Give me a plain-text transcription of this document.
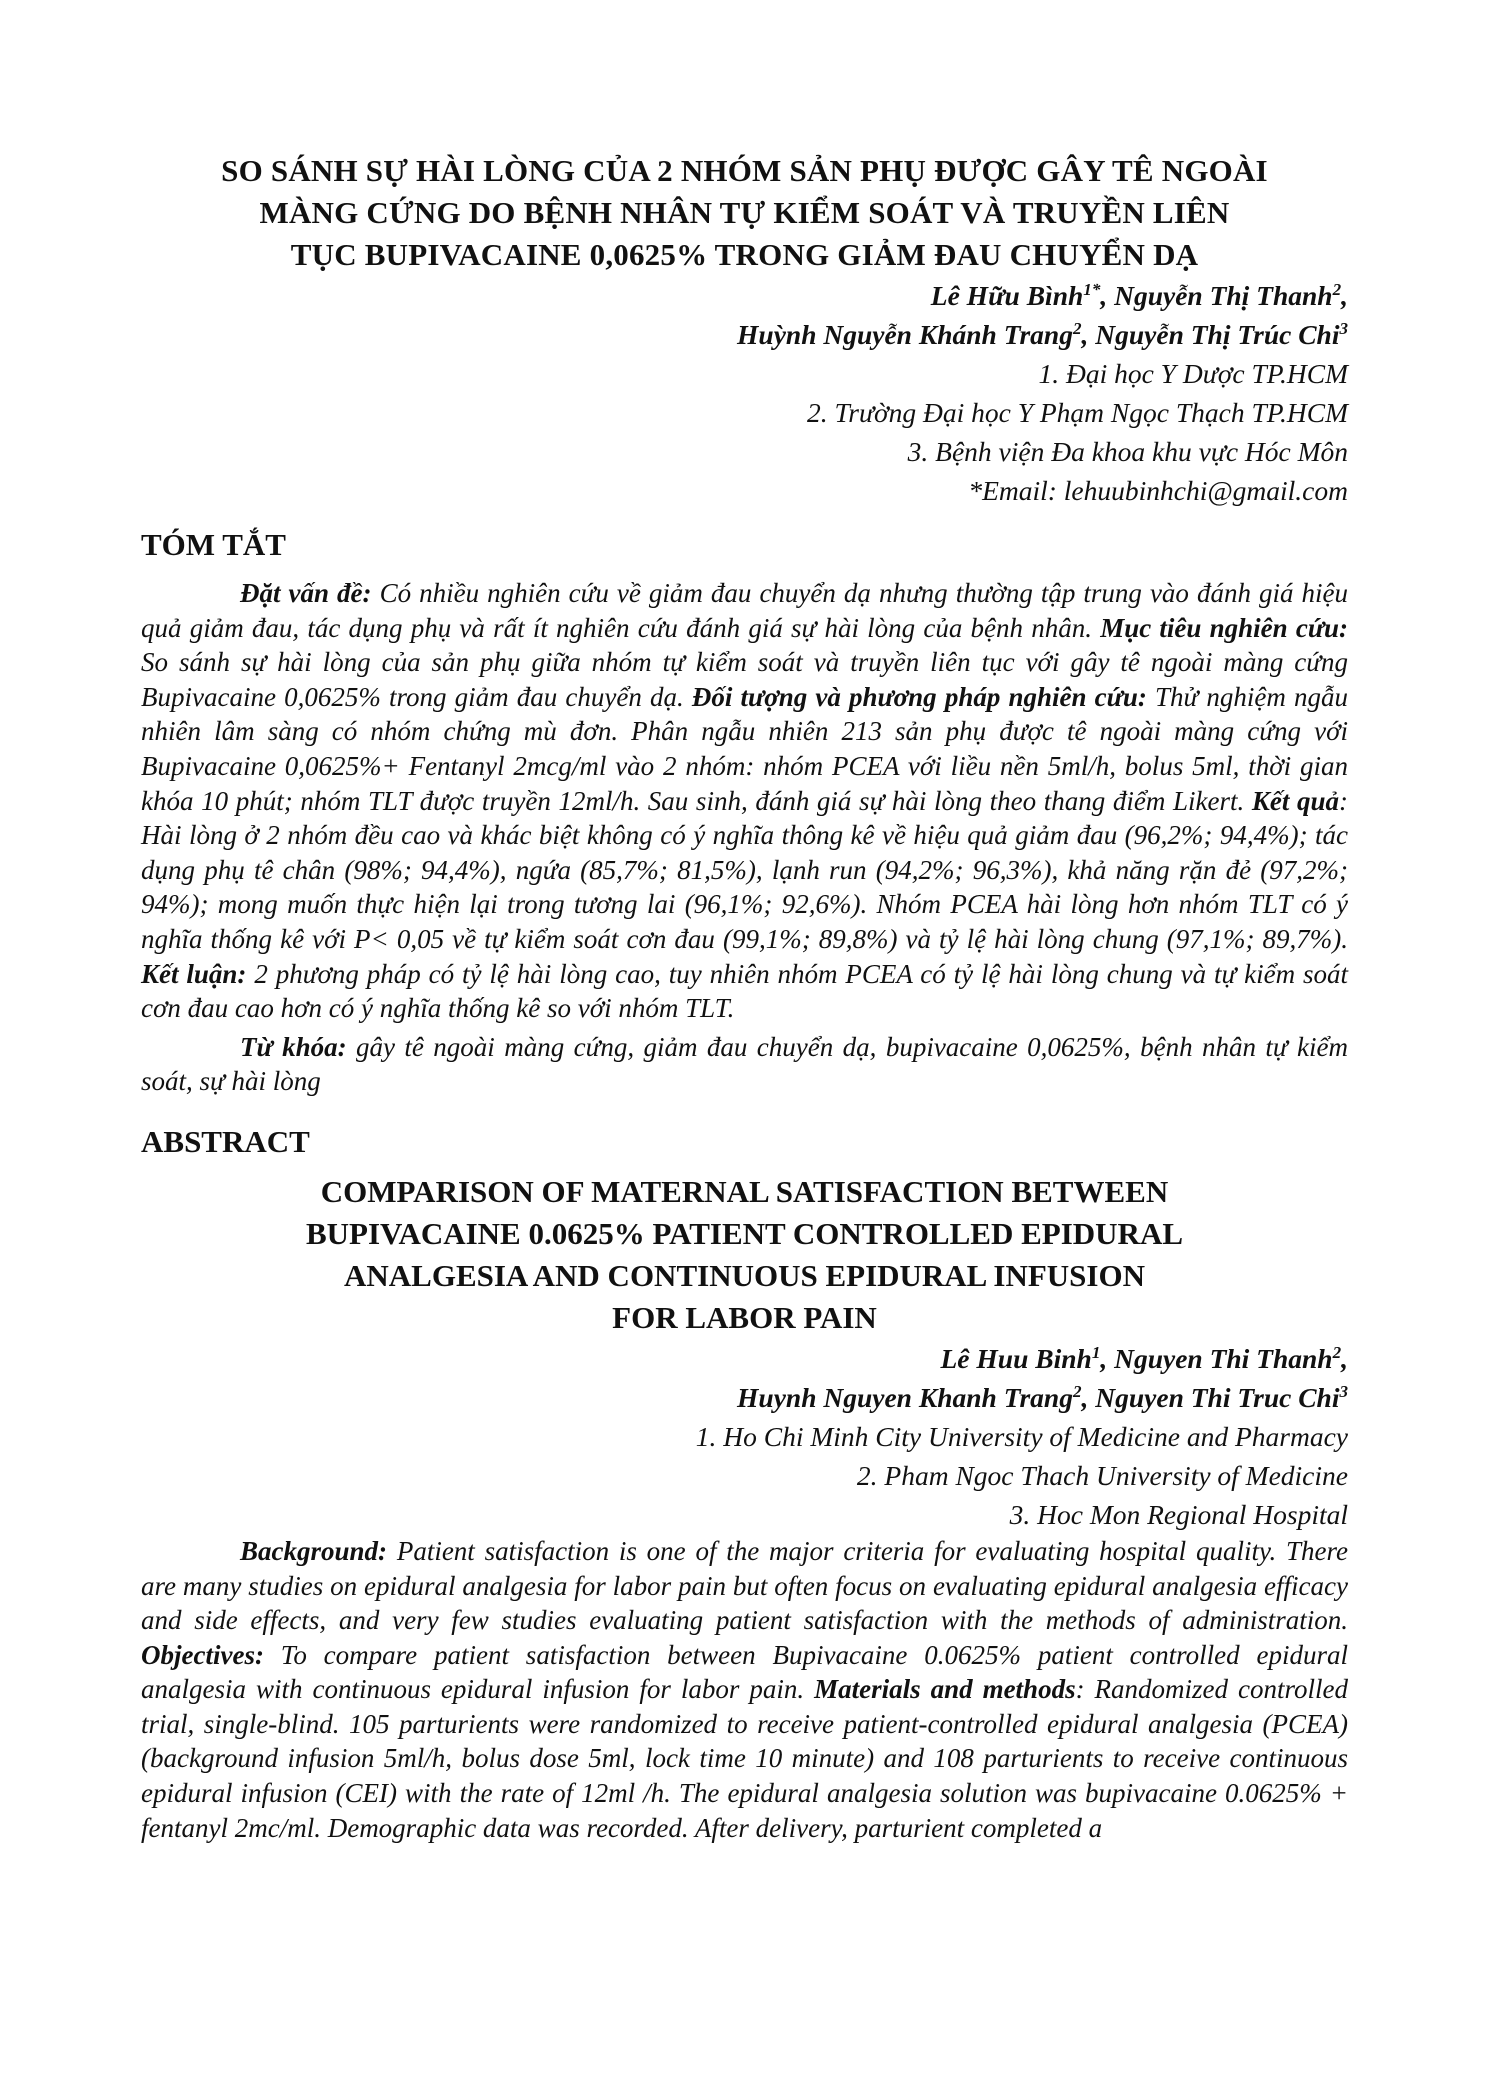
SO SÁNH SỰ HÀI LÒNG CỦA 2 NHÓM SẢN PHỤ ĐƯỢC GÂY TÊ NGOÀI
MÀNG CỨNG DO BỆNH NHÂN TỰ KIỂM SOÁT VÀ TRUYỀN LIÊN
TỤC BUPIVACAINE 0,0625% TRONG GIẢM ĐAU CHUYỂN DẠ
Lê Hữu Bình$^{1*}$, Nguyễn Thị Thanh$^2$,
Huỳnh Nguyễn Khánh Trang$^2$, Nguyễn Thị Trúc Chi$^3$
1. Đại học Y Dược TP.HCM
2. Trường Đại học Y Phạm Ngọc Thạch TP.HCM
3. Bệnh viện Đa khoa khu vực Hóc Môn
*Email: lehuubinhchi@gmail.com
TÓM TẮT

Đặt vấn đề: Có nhiều nghiên cứu về giảm đau chuyển dạ nhưng thường tập trung vào đánh giá hiệu quả giảm đau, tác dụng phụ và rất ít nghiên cứu đánh giá sự hài lòng của bệnh nhân. Mục tiêu nghiên cứu: So sánh sự hài lòng của sản phụ giữa nhóm tự kiểm soát và truyền liên tục với gây tê ngoài màng cứng Bupivacaine 0,0625% trong giảm đau chuyển dạ. Đối tượng và phương pháp nghiên cứu: Thử nghiệm ngẫu nhiên lâm sàng có nhóm chứng mù đơn. Phân ngẫu nhiên 213 sản phụ được tê ngoài màng cứng với Bupivacaine 0,0625%+ Fentanyl 2mcg/ml vào 2 nhóm: nhóm PCEA với liều nền 5ml/h, bolus 5ml, thời gian khóa 10 phút; nhóm TLT được truyền 12ml/h. Sau sinh, đánh giá sự hài lòng theo thang điểm Likert. Kết quả: Hài lòng ở 2 nhóm đều cao và khác biệt không có ý nghĩa thông kê về hiệu quả giảm đau (96,2%; 94,4%); tác dụng phụ tê chân (98%; 94,4%), ngứa (85,7%; 81,5%), lạnh run (94,2%; 96,3%), khả năng rặn đẻ (97,2%; 94%); mong muốn thực hiện lại trong tương lai (96,1%; 92,6%). Nhóm PCEA hài lòng hơn nhóm TLT có ý nghĩa thống kê với P< 0,05 về tự kiểm soát cơn đau (99,1%; 89,8%) và tỷ lệ hài lòng chung (97,1%; 89,7%). Kết luận: 2 phương pháp có tỷ lệ hài lòng cao, tuy nhiên nhóm PCEA có tỷ lệ hài lòng chung và tự kiểm soát cơn đau cao hơn có ý nghĩa thống kê so với nhóm TLT.

Từ khóa: gây tê ngoài màng cứng, giảm đau chuyển dạ, bupivacaine 0,0625%, bệnh nhân tự kiểm soát, sự hài lòng

ABSTRACT
COMPARISON OF MATERNAL SATISFACTION BETWEEN
BUPIVACAINE 0.0625% PATIENT CONTROLLED EPIDURAL
ANALGESIA AND CONTINUOUS EPIDURAL INFUSION
FOR LABOR PAIN
Lê Huu Binh$^1$, Nguyen Thi Thanh$^2$,
Huynh Nguyen Khanh Trang$^2$, Nguyen Thi Truc Chi$^3$
1. Ho Chi Minh City University of Medicine and Pharmacy
2. Pham Ngoc Thach University of Medicine
3. Hoc Mon Regional Hospital

Background: Patient satisfaction is one of the major criteria for evaluating hospital quality. There are many studies on epidural analgesia for labor pain but often focus on evaluating epidural analgesia efficacy and side effects, and very few studies evaluating patient satisfaction with the methods of administration. Objectives: To compare patient satisfaction between Bupivacaine 0.0625% patient controlled epidural analgesia with continuous epidural infusion for labor pain. Materials and methods: Randomized controlled trial, single-blind. 105 parturients were randomized to receive patient-controlled epidural analgesia (PCEA) (background infusion 5ml/h, bolus dose 5ml, lock time 10 minute) and 108 parturients to receive continuous epidural infusion (CEI) with the rate of 12ml /h. The epidural analgesia solution was bupivacaine 0.0625% + fentanyl 2mc/ml. Demographic data was recorded. After delivery, parturient completed a
